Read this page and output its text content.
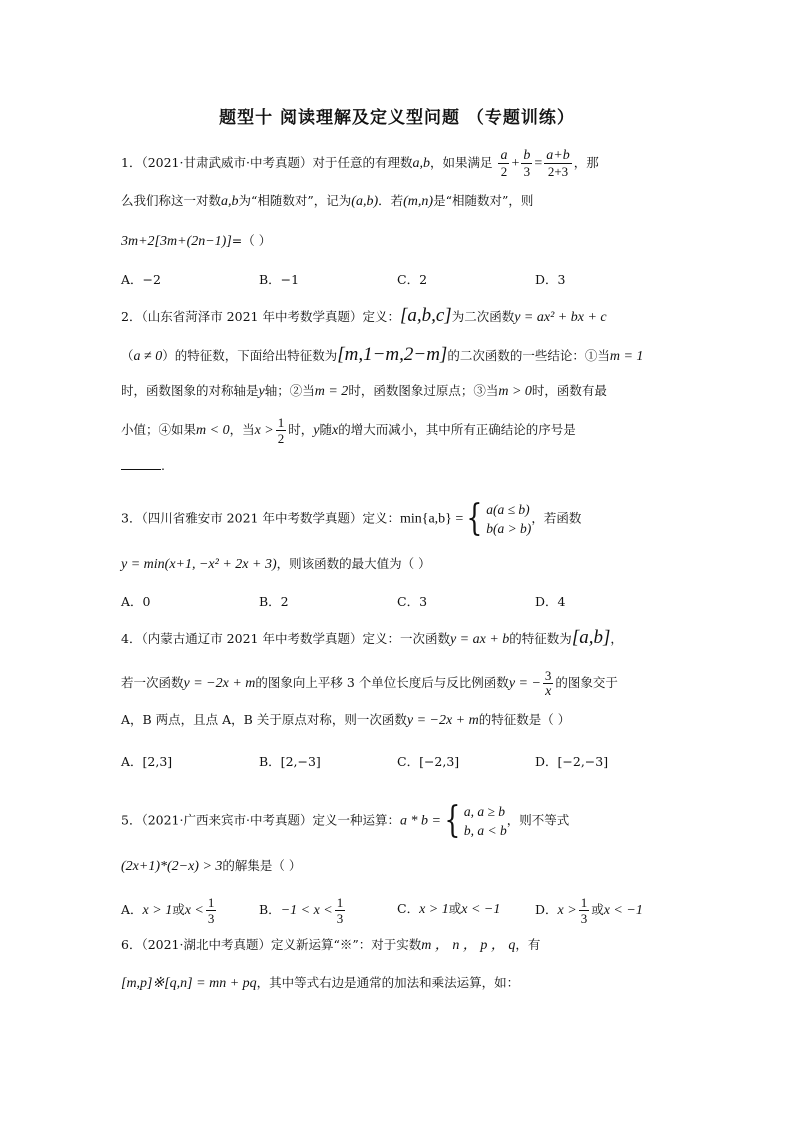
题型十 阅读理解及定义型问题 （专题训练）
1．（2021·甘肃武威市·中考真题）对于任意的有理数a,b，如果满足 $\frac{a}{2} + \frac{b}{3} = \frac{a+b}{2+3}$ ，那
么我们称这一对数a,b为“相随数对”，记为(a,b)．若(m,n)是“相随数对”，则
3m+2[3m+(2n−1)]=（ ）
A．−2	B．−1	C．2	D．3
2．（山东省菏泽市 2021 年中考数学真题）定义：[a,b,c]为二次函数y = ax² + bx + c
（a ≠ 0）的特征数，下面给出特征数为[m,1−m,2−m]的二次函数的一些结论：①当m = 1
时，函数图象的对称轴是y轴；②当m = 2时，函数图象过原点；③当m > 0时，函数有最
小值；④如果m < 0，当$x > \frac{1}{2}$ 时，y随x的增大而减小，其中所有正确结论的序号是
.
3．（四川省雅安市 2021 年中考数学真题）定义：min{a,b} ={ a(a ≤ b)
b(a > b)
，若函数
y = min(x+1, −x² + 2x + 3)，则该函数的最大值为（ ）
A．0	B．2	C．3	D．4
4．（内蒙古通辽市 2021 年中考数学真题）定义：一次函数y = ax + b的特征数为[a,b]，
若一次函数y = −2x + m的图象向上平移 3 个单位长度后与反比例函数y = − $\frac{3}{x}$ 的图象交于
A，B 两点，且点 A，B 关于原点对称，则一次函数y = −2x + m的特征数是（ ）
A．[2,3]	B．[2,−3]	C．[−2,3]	D．[−2,−3]
5．（2021·广西来宾市·中考真题）定义一种运算：a * b ={ a, a ≥ b
b, a < b
，则不等式
(2x+1)*(2−x) > 3的解集是（ ）
A．x > 1或$x < \frac{1}{3}$	B．$-1 < x < \frac{1}{3}$	C．x > 1或x < −1	D．$x > \frac{1}{3}$ 或x < −1
6．（2021·湖北中考真题）定义新运算“※”：对于实数m ， n ， p ， q，有
[m,p]※[q,n] = mn + pq，其中等式右边是通常的加法和乘法运算，如：
